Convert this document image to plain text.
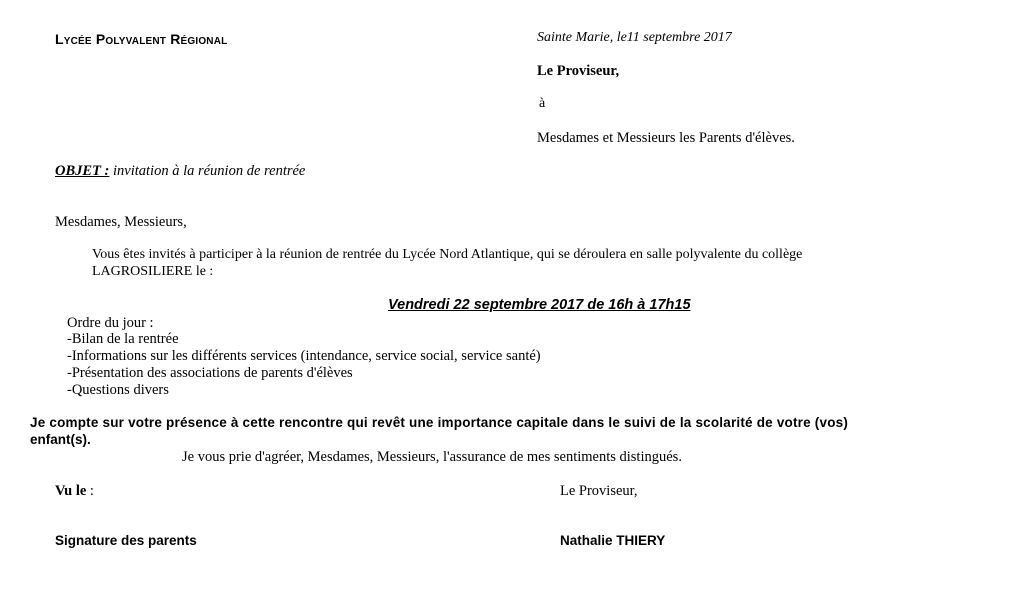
Lycée Polyvalent Régional	Sainte Marie, le11 septembre 2017
Le Proviseur,
à
Mesdames et Messieurs les Parents d'élèves.
OBJET : invitation à la réunion de rentrée
Mesdames, Messieurs,
Vous êtes invités à participer à la réunion de rentrée du Lycée Nord Atlantique, qui se déroulera en salle polyvalente du collège
LAGROSILIERE le :
Vendredi 22 septembre 2017 de 16h à 17h15
Ordre du jour :
-Bilan de la rentrée
-Informations sur les différents services (intendance, service social, service santé)
-Présentation des associations de parents d'élèves
-Questions divers
Je compte sur votre présence à cette rencontre qui revêt une importance capitale dans le suivi de la scolarité de votre (vos)
enfant(s).
Je vous prie d'agréer, Mesdames, Messieurs, l'assurance de mes sentiments distingués.
Vu le :	Le Proviseur,
Signature des parents	Nathalie THIERY
